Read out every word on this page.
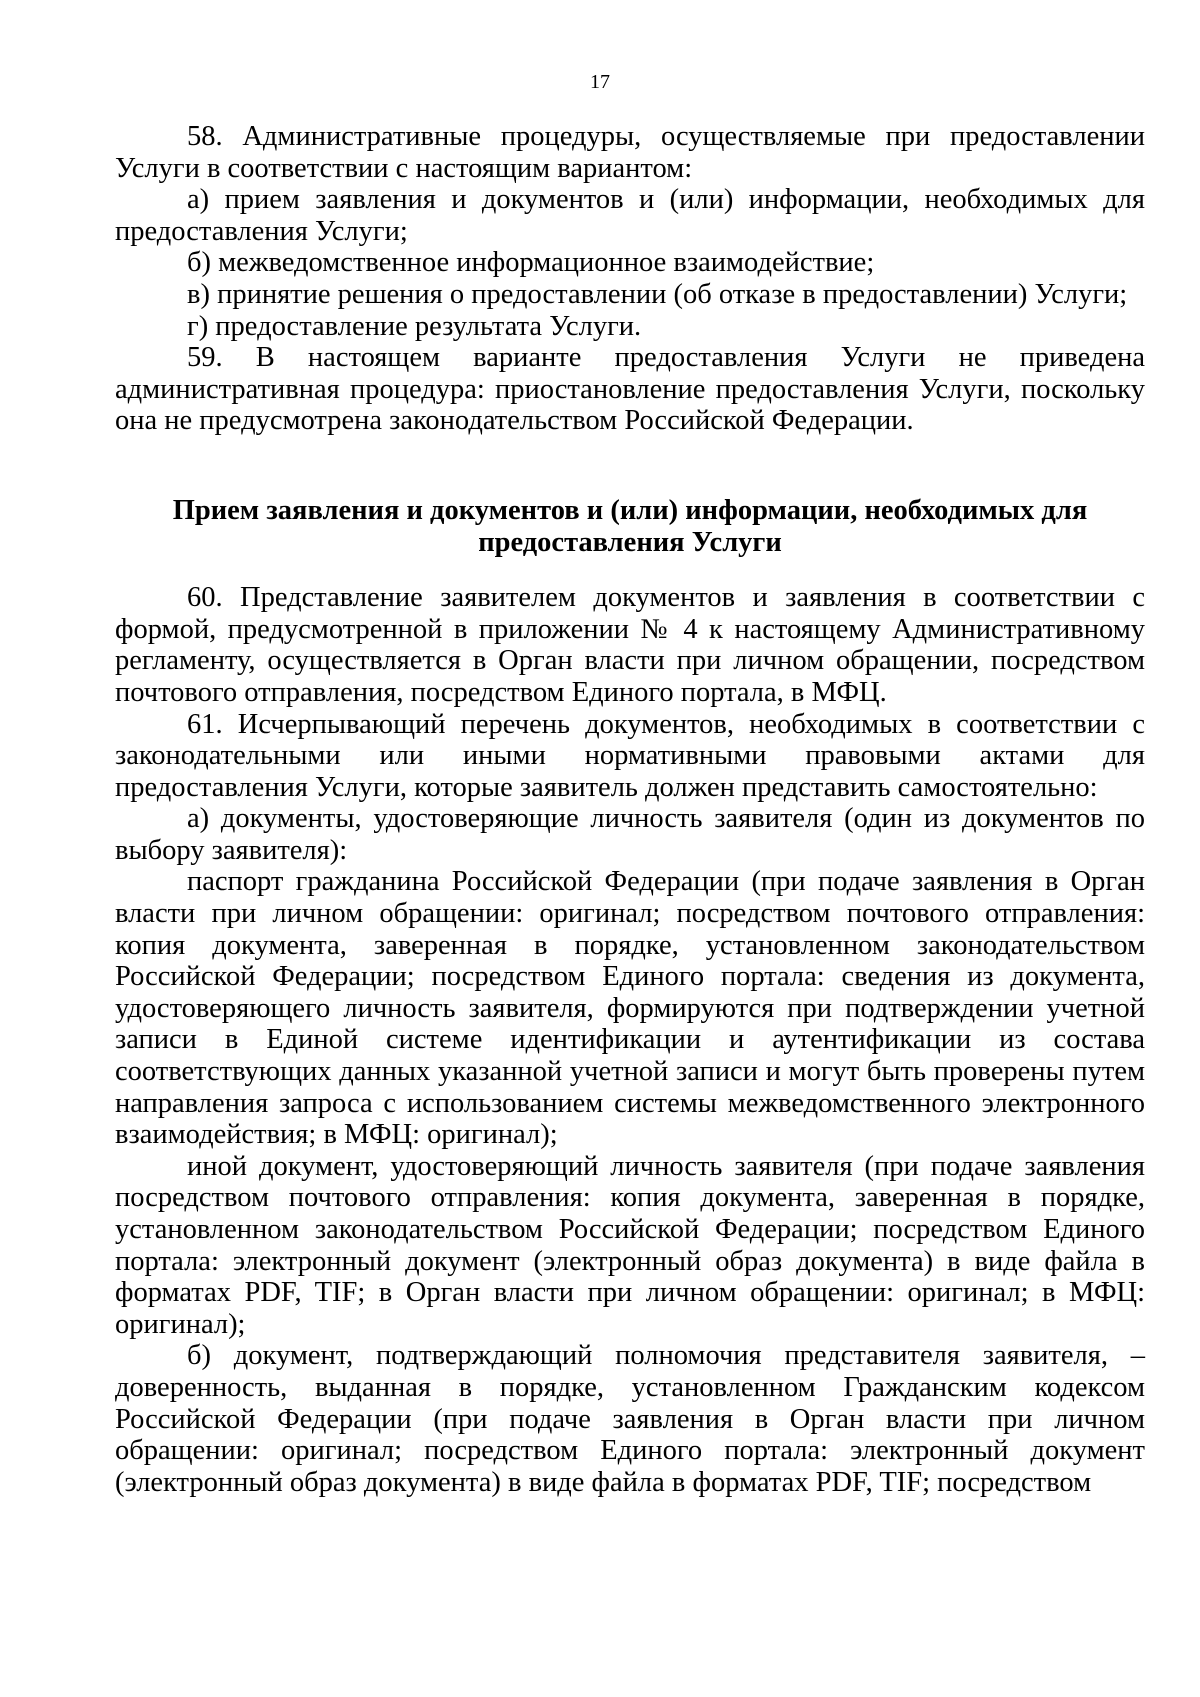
17

58. Административные процедуры, осуществляемые при предоставлении Услуги в соответствии с настоящим вариантом:

а) прием заявления и документов и (или) информации, необходимых для предоставления Услуги;

б) межведомственное информационное взаимодействие;

в) принятие решения о предоставлении (об отказе в предоставлении) Услуги;

г) предоставление результата Услуги.

59. В настоящем варианте предоставления Услуги не приведена административная процедура: приостановление предоставления Услуги, поскольку она не предусмотрена законодательством Российской Федерации.

Прием заявления и документов и (или) информации, необходимых для предоставления Услуги

60. Представление заявителем документов и заявления в соответствии с формой, предусмотренной в приложении № 4 к настоящему Административному регламенту, осуществляется в Орган власти при личном обращении, посредством почтового отправления, посредством Единого портала, в МФЦ.

61. Исчерпывающий перечень документов, необходимых в соответствии с законодательными или иными нормативными правовыми актами для предоставления Услуги, которые заявитель должен представить самостоятельно:

а) документы, удостоверяющие личность заявителя (один из документов по выбору заявителя):

паспорт гражданина Российской Федерации (при подаче заявления в Орган власти при личном обращении: оригинал; посредством почтового отправления: копия документа, заверенная в порядке, установленном законодательством Российской Федерации; посредством Единого портала: сведения из документа, удостоверяющего личность заявителя, формируются при подтверждении учетной записи в Единой системе идентификации и аутентификации из состава соответствующих данных указанной учетной записи и могут быть проверены путем направления запроса с использованием системы межведомственного электронного взаимодействия; в МФЦ: оригинал);

иной документ, удостоверяющий личность заявителя (при подаче заявления посредством почтового отправления: копия документа, заверенная в порядке, установленном законодательством Российской Федерации; посредством Единого портала: электронный документ (электронный образ документа) в виде файла в форматах PDF, TIF; в Орган власти при личном обращении: оригинал; в МФЦ: оригинал);

б) документ, подтверждающий полномочия представителя заявителя, – доверенность, выданная в порядке, установленном Гражданским кодексом Российской Федерации (при подаче заявления в Орган власти при личном обращении: оригинал; посредством Единого портала: электронный документ (электронный образ документа) в виде файла в форматах PDF, TIF; посредством
